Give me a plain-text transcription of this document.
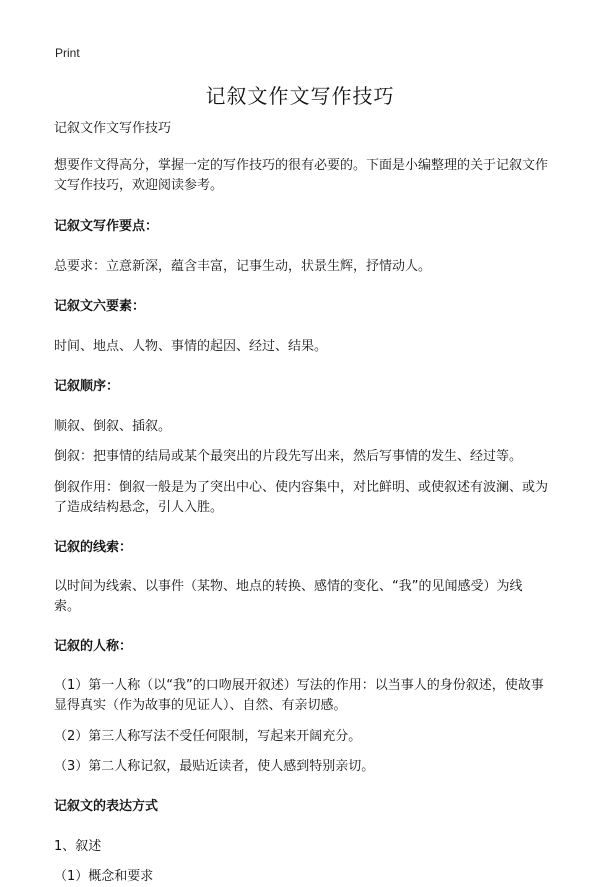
Print
记叙文作文写作技巧

记叙文作文写作技巧

想要作文得高分，掌握一定的写作技巧的很有必要的。下面是小编整理的关于记叙文作文写作技巧，欢迎阅读参考。

记叙文写作要点：

总要求：立意新深，蕴含丰富，记事生动，状景生辉，抒情动人。

记叙文六要素：

时间、地点、人物、事情的起因、经过、结果。

记叙顺序：

顺叙、倒叙、插叙。

倒叙：把事情的结局或某个最突出的片段先写出来，然后写事情的发生、经过等。

倒叙作用：倒叙一般是为了突出中心、使内容集中，对比鲜明、或使叙述有波澜、或为了造成结构悬念，引人入胜。

记叙的线索：

以时间为线索、以事件（某物、地点的转换、感情的变化、“我”的见闻感受）为线索。

记叙的人称：

（1）第一人称（以“我”的口吻展开叙述）写法的作用：以当事人的身份叙述，使故事显得真实（作为故事的见证人）、自然、有亲切感。

（2）第三人称写法不受任何限制，写起来开阔充分。

（3）第二人称记叙，最贴近读者，使人感到特别亲切。

记叙文的表达方式

1、叙述

（1）概念和要求
